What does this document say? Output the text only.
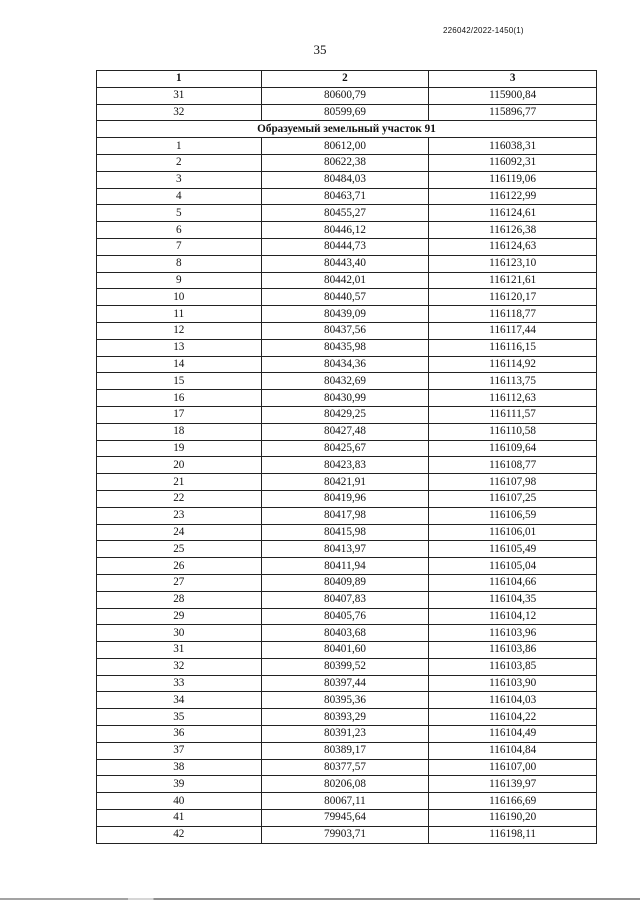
226042/2022-1450(1)
35
1	2	3
31	80600,79	115900,84
32	80599,69	115896,77
Образуемый земельный участок 91		
1	80612,00	116038,31
2	80622,38	116092,31
3	80484,03	116119,06
4	80463,71	116122,99
5	80455,27	116124,61
6	80446,12	116126,38
7	80444,73	116124,63
8	80443,40	116123,10
9	80442,01	116121,61
10	80440,57	116120,17
11	80439,09	116118,77
12	80437,56	116117,44
13	80435,98	116116,15
14	80434,36	116114,92
15	80432,69	116113,75
16	80430,99	116112,63
17	80429,25	116111,57
18	80427,48	116110,58
19	80425,67	116109,64
20	80423,83	116108,77
21	80421,91	116107,98
22	80419,96	116107,25
23	80417,98	116106,59
24	80415,98	116106,01
25	80413,97	116105,49
26	80411,94	116105,04
27	80409,89	116104,66
28	80407,83	116104,35
29	80405,76	116104,12
30	80403,68	116103,96
31	80401,60	116103,86
32	80399,52	116103,85
33	80397,44	116103,90
34	80395,36	116104,03
35	80393,29	116104,22
36	80391,23	116104,49
37	80389,17	116104,84
38	80377,57	116107,00
39	80206,08	116139,97
40	80067,11	116166,69
41	79945,64	116190,20
42	79903,71	116198,11
